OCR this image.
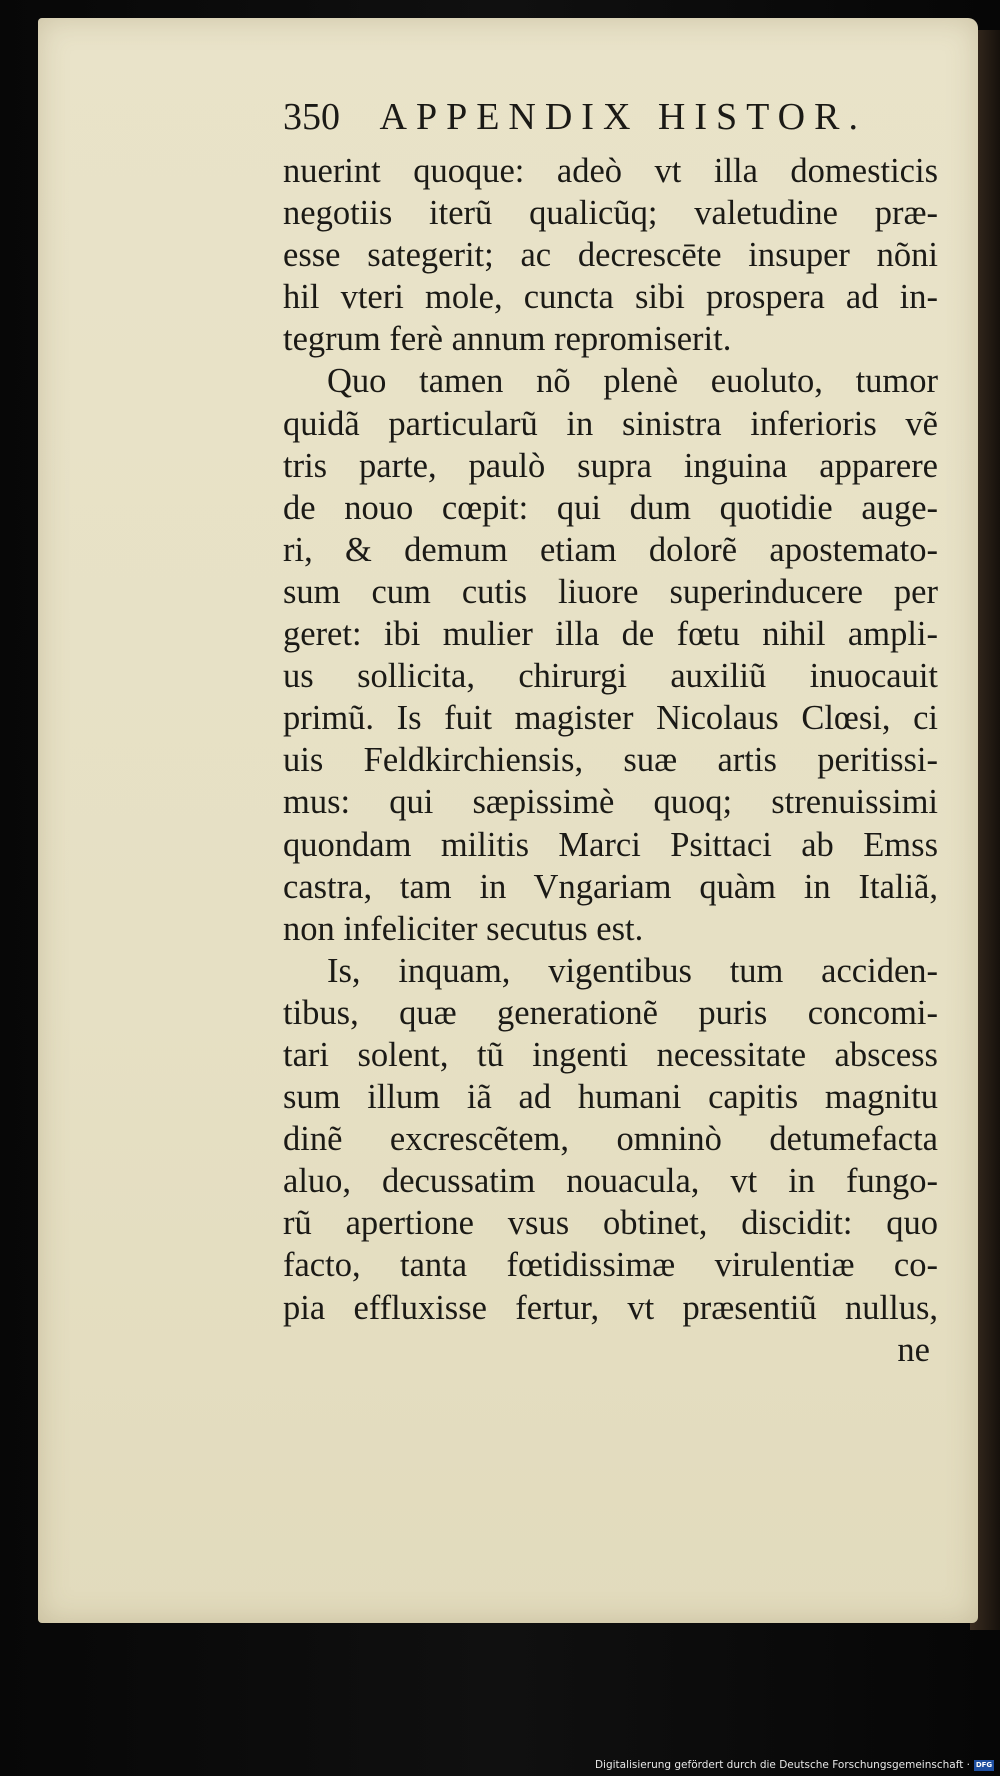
350 APPENDIX HISTOR.
nuerint quoque: adeò vt illa domesticis
negotiis iterũ qualicũq; valetudine præ-
esse sategerit; ac decrescēte insuper nõni
hil vteri mole, cuncta sibi prospera ad in-
tegrum ferè annum repromiserit.
Quo tamen nõ plenè euoluto, tumor
quidã particularũ in sinistra inferioris vẽ
tris parte, paulò supra inguina apparere
de nouo cœpit: qui dum quotidie auge-
ri, & demum etiam dolorẽ apostemato-
sum cum cutis liuore superinducere per
geret: ibi mulier illa de fœtu nihil ampli-
us sollicita, chirurgi auxiliũ inuocauit
primũ. Is fuit magister Nicolaus Clœsi, ci
uis Feldkirchiensis, suæ artis peritissi-
mus: qui sæpissimè quoq; strenuissimi
quondam militis Marci Psittaci ab Emss
castra, tam in Vngariam quàm in Italiã,
non infeliciter secutus est.
Is, inquam, vigentibus tum acciden-
tibus, quæ generationẽ puris concomi-
tari solent, tũ ingenti necessitate abscess
sum illum iã ad humani capitis magnitu
dinẽ excrescẽtem, omninò detumefacta
aluo, decussatim nouacula, vt in fungo-
rũ apertione vsus obtinet, discidit: quo
facto, tanta fœtidissimæ virulentiæ co-
pia effluxisse fertur, vt præsentiũ nullus,
ne
Digitalisierung gefördert durch die Deutsche Forschungsgemeinschaft · DFG
